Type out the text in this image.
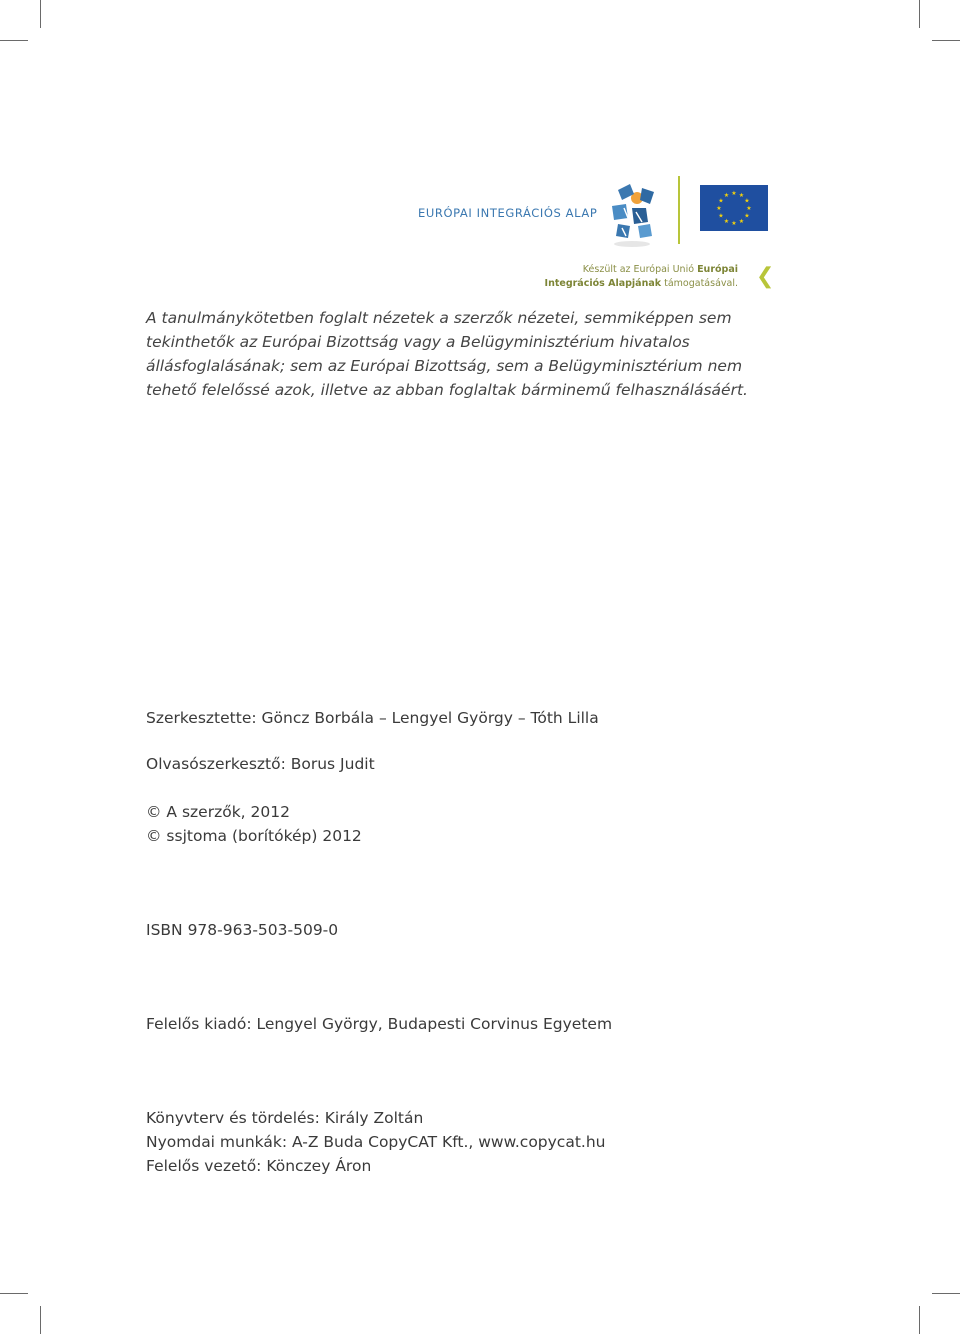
EURÓPAI INTEGRÁCIÓS ALAP
★ ★
★
★
★
★
★
★
★
★
★
★
Készült az Európai Unió Európai
Integrációs Alapjának támogatásával. ❮
A tanulmánykötetben foglalt nézetek a szerzők nézetei, semmiképpen sem tekinthetők az Európai Bizottság vagy a Belügyminisztérium hivatalos állásfoglalásának; sem az Európai Bizottság, sem a Belügyminisztérium nem tehető felelőssé azok, illetve az abban foglaltak bárminemű felhasználásáért.
Szerkesztette: Göncz Borbála – Lengyel György – Tóth Lilla
Olvasószerkesztő: Borus Judit
© A szerzők, 2012
© ssjtoma (borítókép) 2012
ISBN 978-963-503-509-0
Felelős kiadó: Lengyel György, Budapesti Corvinus Egyetem
Könyvterv és tördelés: Király Zoltán
Nyomdai munkák: A-Z Buda CopyCAT Kft., www.copycat.hu
Felelős vezető: Könczey Áron
